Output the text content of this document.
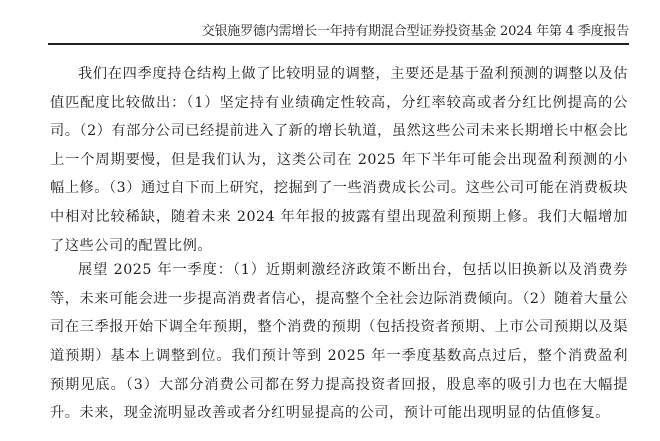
交银施罗德内需增长一年持有期混合型证券投资基金 2024 年第 4 季度报告

我们在四季度持仓结构上做了比较明显的调整，主要还是基于盈利预测的调整以及估值匹配度比较做出：（1）坚定持有业绩确定性较高，分红率较高或者分红比例提高的公司。（2）有部分公司已经提前进入了新的增长轨道，虽然这些公司未来长期增长中枢会比上一个周期要慢，但是我们认为，这类公司在 2025 年下半年可能会出现盈利预测的小幅上修。（3）通过自下而上研究，挖掘到了一些消费成长公司。这些公司可能在消费板块中相对比较稀缺，随着未来 2024 年年报的披露有望出现盈利预期上修。我们大幅增加了这些公司的配置比例。

展望 2025 年一季度：（1）近期刺激经济政策不断出台，包括以旧换新以及消费券等，未来可能会进一步提高消费者信心，提高整个全社会边际消费倾向。（2）随着大量公司在三季报开始下调全年预期，整个消费的预期（包括投资者预期、上市公司预期以及渠道预期）基本上调整到位。我们预计等到 2025 年一季度基数高点过后，整个消费盈利预期见底。（3）大部分消费公司都在努力提高投资者回报，股息率的吸引力也在大幅提升。未来，现金流明显改善或者分红明显提高的公司，预计可能出现明显的估值修复。
